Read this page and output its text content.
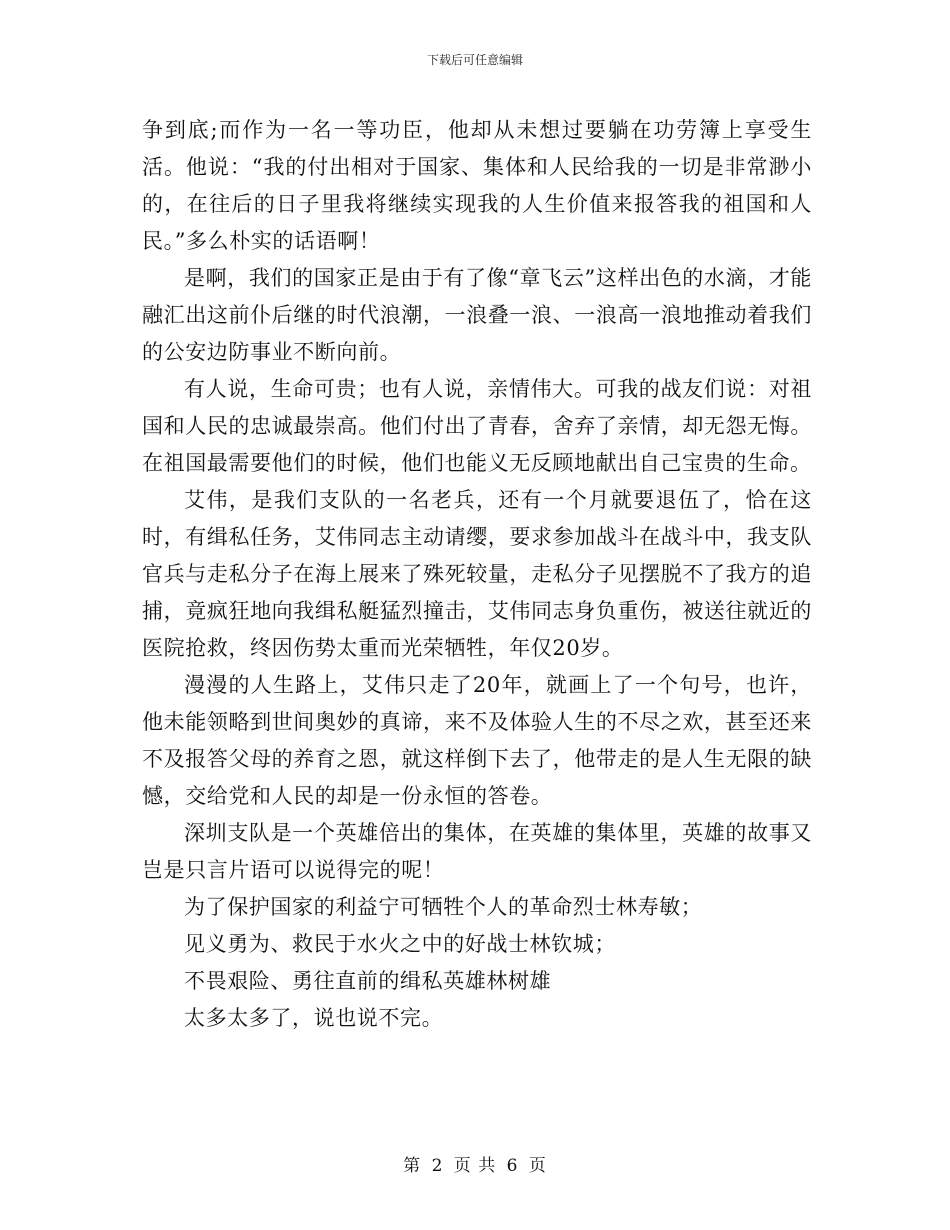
下载后可任意编辑

争到底;而作为一名一等功臣，他却从未想过要躺在功劳簿上享受生活。他说：“我的付出相对于国家、集体和人民给我的一切是非常渺小的，在往后的日子里我将继续实现我的人生价值来报答我的祖国和人民。”多么朴实的话语啊！

是啊，我们的国家正是由于有了像“章飞云”这样出色的水滴，才能融汇出这前仆后继的时代浪潮，一浪叠一浪、一浪高一浪地推动着我们的公安边防事业不断向前。

有人说，生命可贵；也有人说，亲情伟大。可我的战友们说：对祖国和人民的忠诚最崇高。他们付出了青春，舍弃了亲情，却无怨无悔。在祖国最需要他们的时候，他们也能义无反顾地献出自己宝贵的生命。

艾伟，是我们支队的一名老兵，还有一个月就要退伍了，恰在这时，有缉私任务，艾伟同志主动请缨，要求参加战斗在战斗中，我支队官兵与走私分子在海上展来了殊死较量，走私分子见摆脱不了我方的追捕，竟疯狂地向我缉私艇猛烈撞击，艾伟同志身负重伤，被送往就近的医院抢救，终因伤势太重而光荣牺牲，年仅20岁。

漫漫的人生路上，艾伟只走了20年，就画上了一个句号，也许，他未能领略到世间奥妙的真谛，来不及体验人生的不尽之欢，甚至还来不及报答父母的养育之恩，就这样倒下去了，他带走的是人生无限的缺憾，交给党和人民的却是一份永恒的答卷。

深圳支队是一个英雄倍出的集体，在英雄的集体里，英雄的故事又岂是只言片语可以说得完的呢！

为了保护国家的利益宁可牺牲个人的革命烈士林寿敏；

见义勇为、救民于水火之中的好战士林钦城；

不畏艰险、勇往直前的缉私英雄林树雄

太多太多了，说也说不完。

第 2 页 共 6 页
